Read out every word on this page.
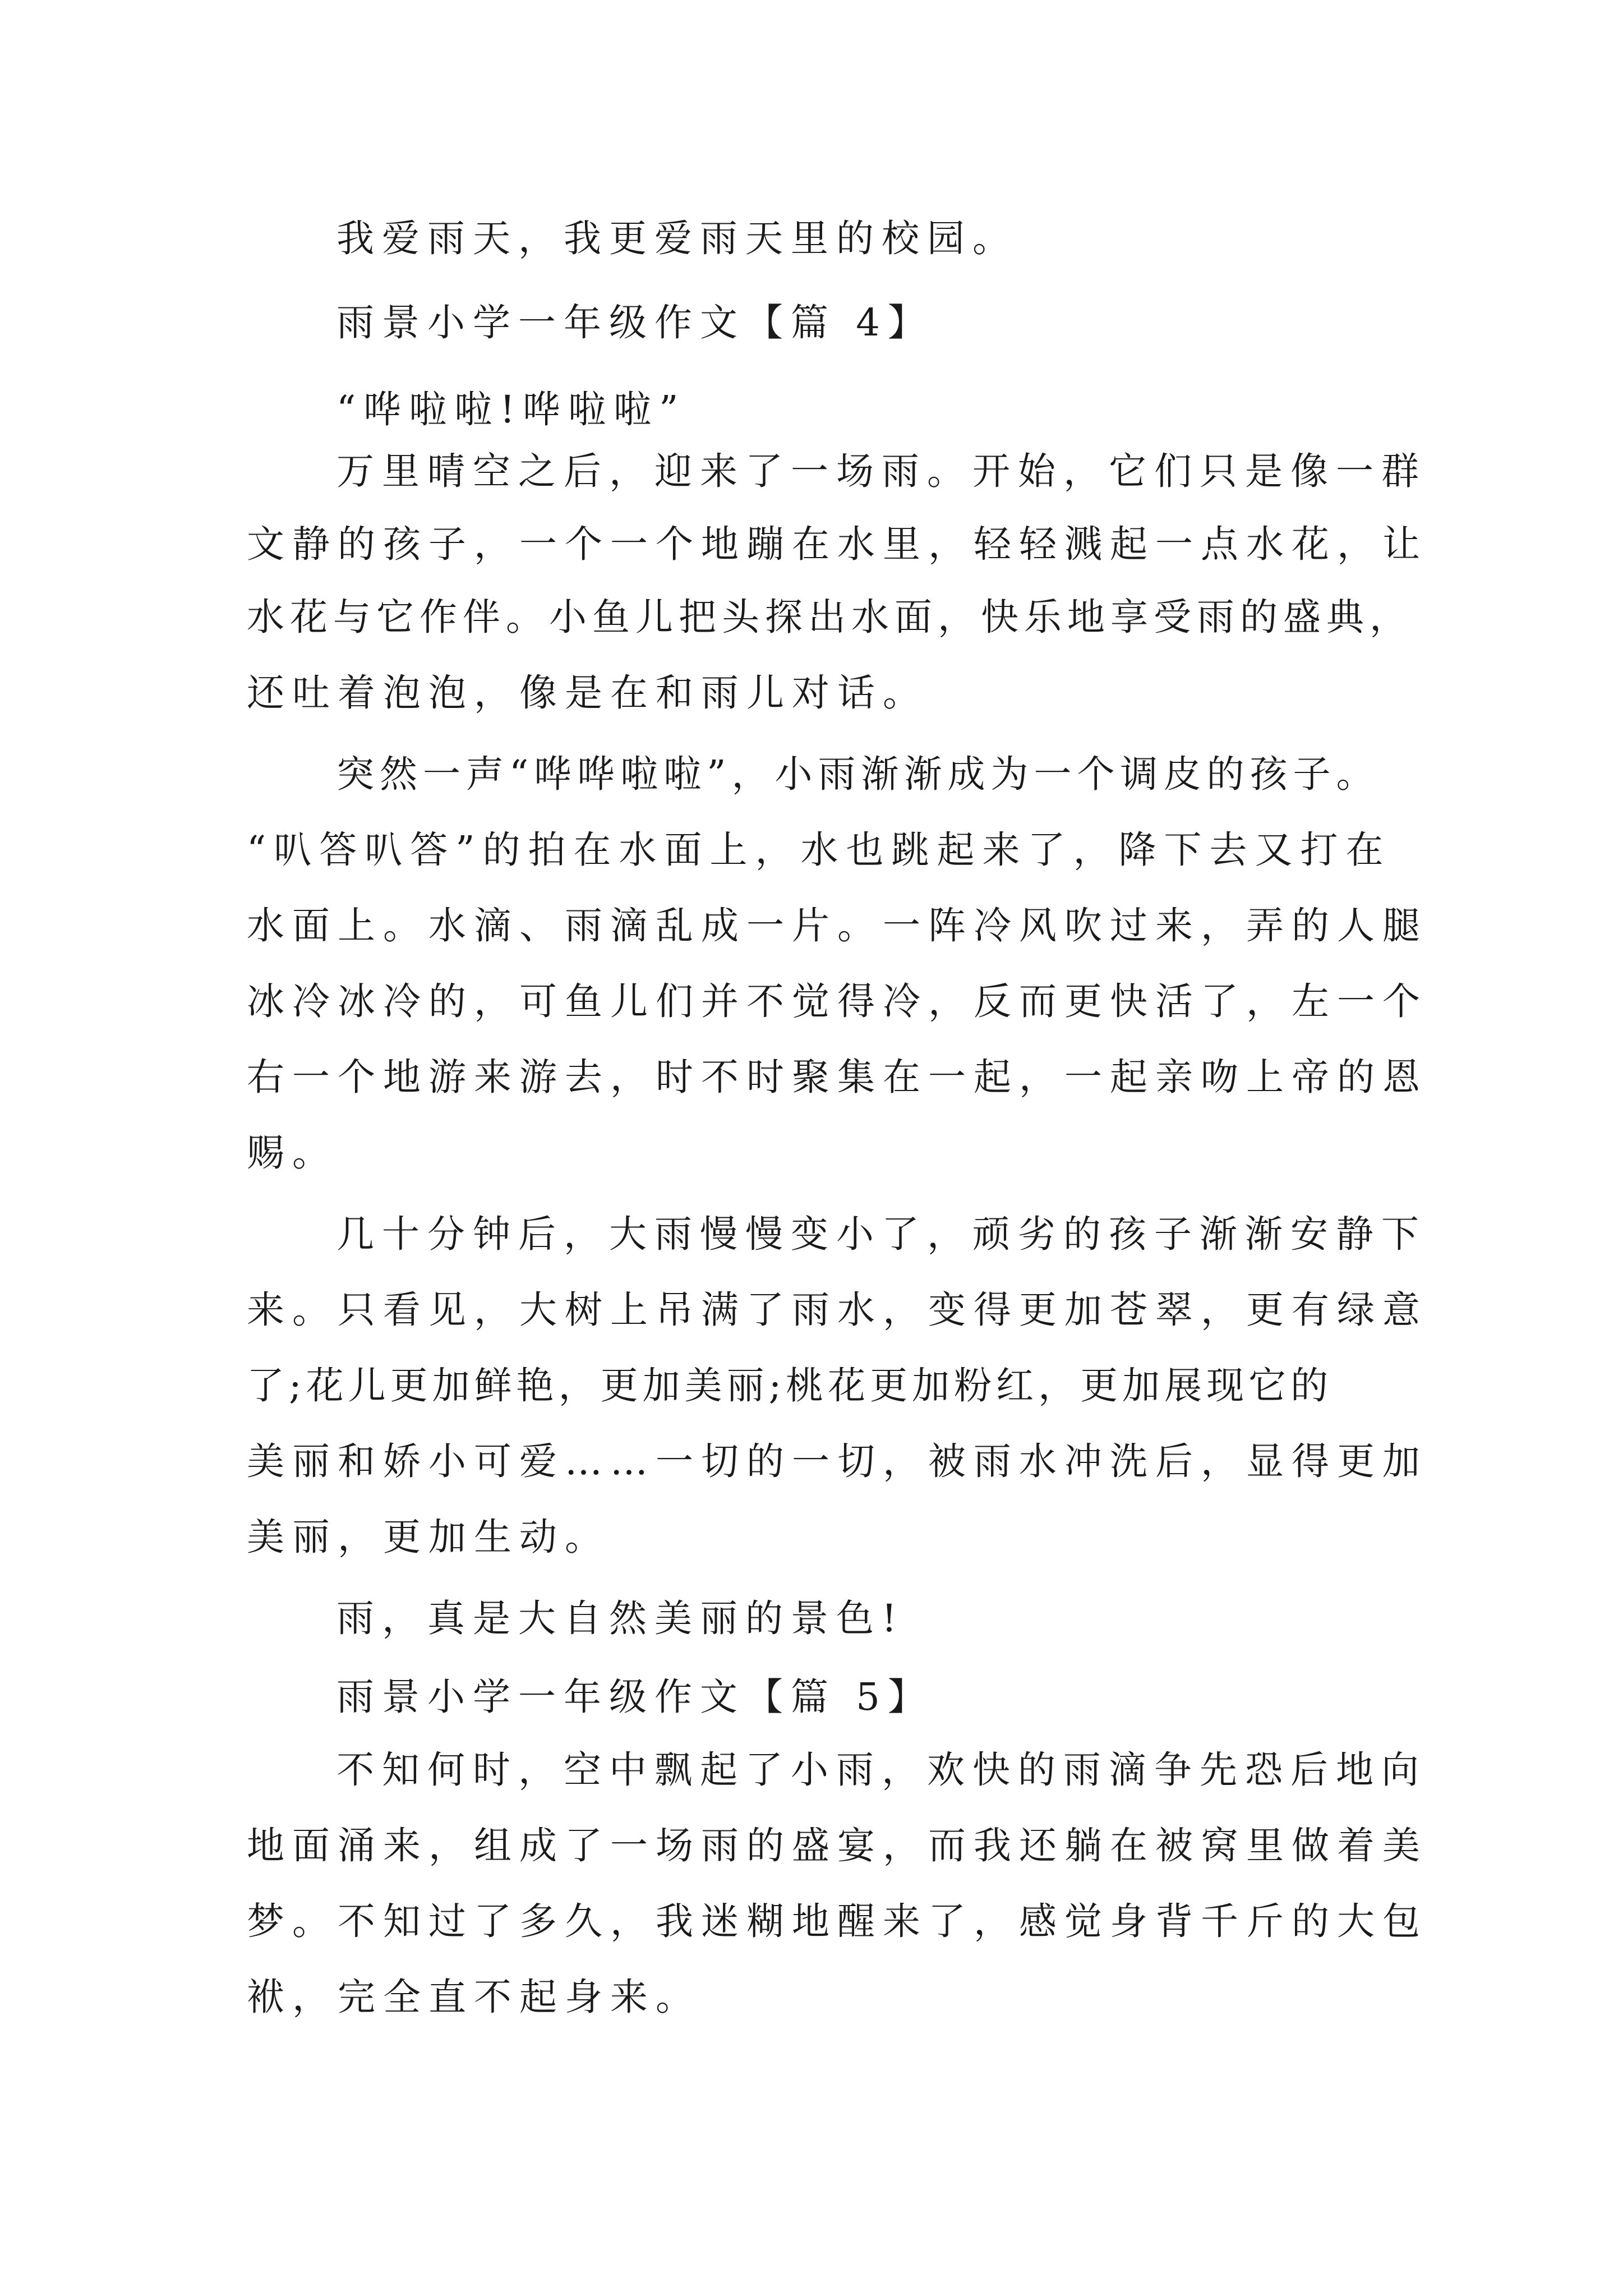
我爱雨天，我更爱雨天里的校园。
雨景小学一年级作文【篇 4】
“哗啦啦!哗啦啦”
万里晴空之后，迎来了一场雨。开始，它们只是像一群
文静的孩子，一个一个地蹦在水里，轻轻溅起一点水花，让
水花与它作伴。小鱼儿把头探出水面，快乐地享受雨的盛典，
还吐着泡泡，像是在和雨儿对话。
突然一声“哗哗啦啦”，小雨渐渐成为一个调皮的孩子。
“叭答叭答”的拍在水面上，水也跳起来了，降下去又打在
水面上。水滴、雨滴乱成一片。一阵冷风吹过来，弄的人腿
冰冷冰冷的，可鱼儿们并不觉得冷，反而更快活了，左一个
右一个地游来游去，时不时聚集在一起，一起亲吻上帝的恩
赐。
几十分钟后，大雨慢慢变小了，顽劣的孩子渐渐安静下
来。只看见，大树上吊满了雨水，变得更加苍翠，更有绿意
了;花儿更加鲜艳，更加美丽;桃花更加粉红，更加展现它的
美丽和娇小可爱……一切的一切，被雨水冲洗后，显得更加
美丽，更加生动。
雨，真是大自然美丽的景色!
雨景小学一年级作文【篇 5】
不知何时，空中飘起了小雨，欢快的雨滴争先恐后地向
地面涌来，组成了一场雨的盛宴，而我还躺在被窝里做着美
梦。不知过了多久，我迷糊地醒来了，感觉身背千斤的大包
袱，完全直不起身来。
